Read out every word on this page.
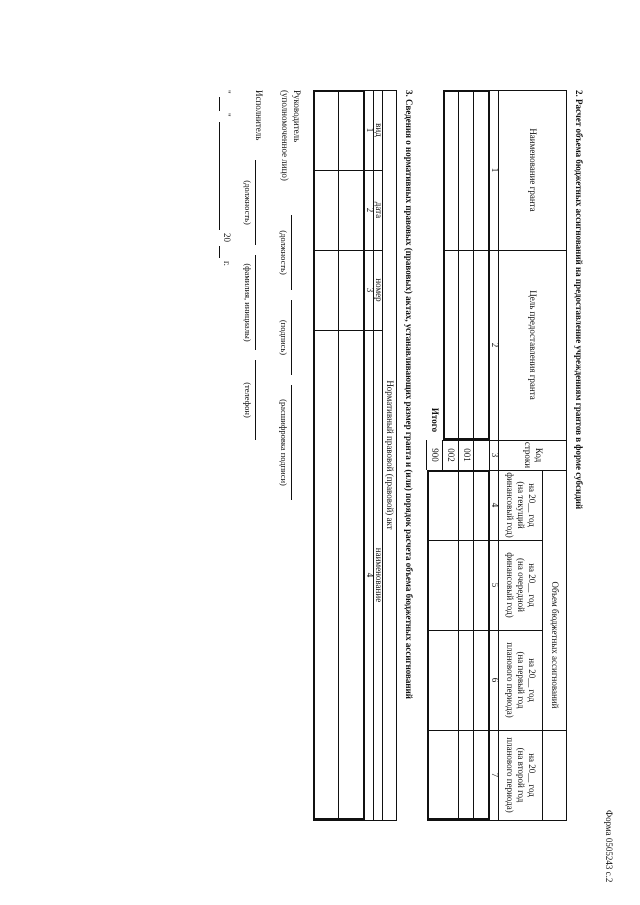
Форма 0505243 с.2
2. Расчет объема бюджетных ассигнований на предоставление учреждениям грантов в форме субсидий
Наименование гранта
Цель предоставления гранта
Код строки
Объем бюджетных ассигнований
на 20__ год
(на текущий
финансовый год)
на 20__ год
(на очередной
финансовый год)
на 20__ год
(на первый год
планового периода)
на 20__ год
(на второй год
планового периода)
1
2
3
4
5
6
7
001
002
Итого
900
3. Сведения о нормативных правовых (правовых) актах, устанавливающих размер гранта и (или) порядок расчета объема бюджетных ассигнований
Нормативный правовой (правовой) акт
вид
дата
номер
наименование
1
2
3
4
Руководитель
(уполномоченное лицо)
(должность)
(подпись)
(расшифровка подписи)
Исполнитель
(должность)
(фамилия, инициалы)
(телефон)
"
"
20
г.
